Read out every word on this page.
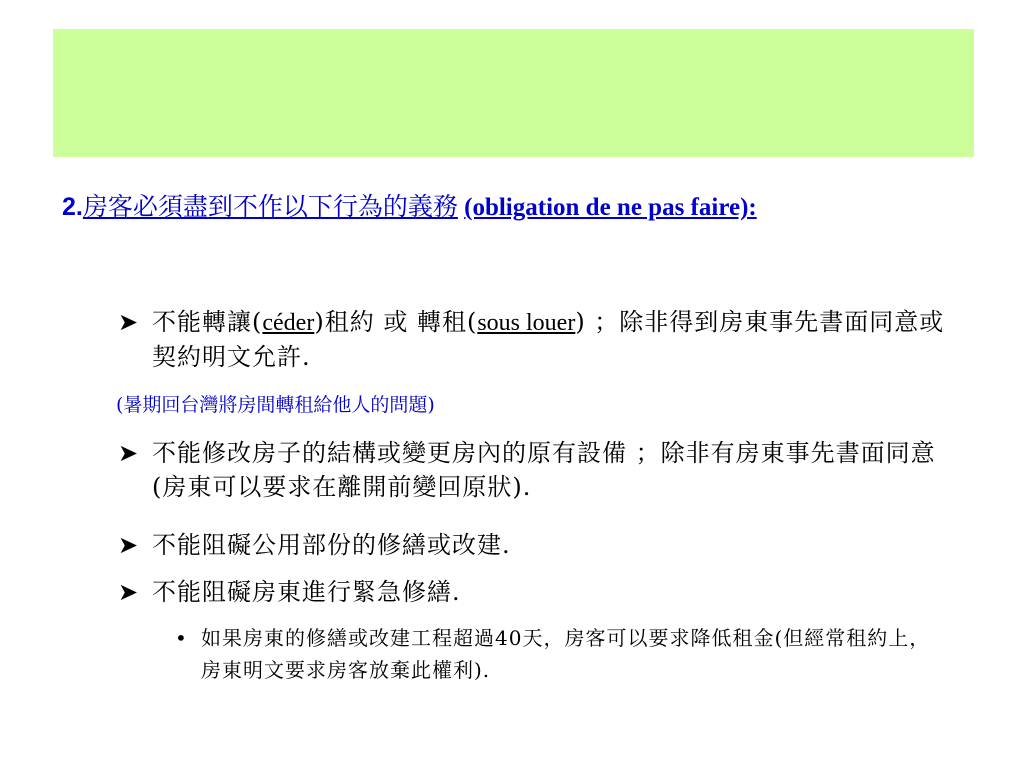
2.房客必須盡到不作以下行為的義務 (obligation de ne pas faire):
➤ 不能轉讓(céder)租約 或 轉租(sous louer) ；除非得到房東事先書面同意或契約明文允許.
(暑期回台灣將房間轉租給他人的問題)
➤ 不能修改房子的結構或變更房內的原有設備 ；除非有房東事先書面同意(房東可以要求在離開前變回原狀).
➤ 不能阻礙公用部份的修繕或改建.
➤ 不能阻礙房東進行緊急修繕.
• 如果房東的修繕或改建工程超過40天，房客可以要求降低租金(但經常租約上，房東明文要求房客放棄此權利).
